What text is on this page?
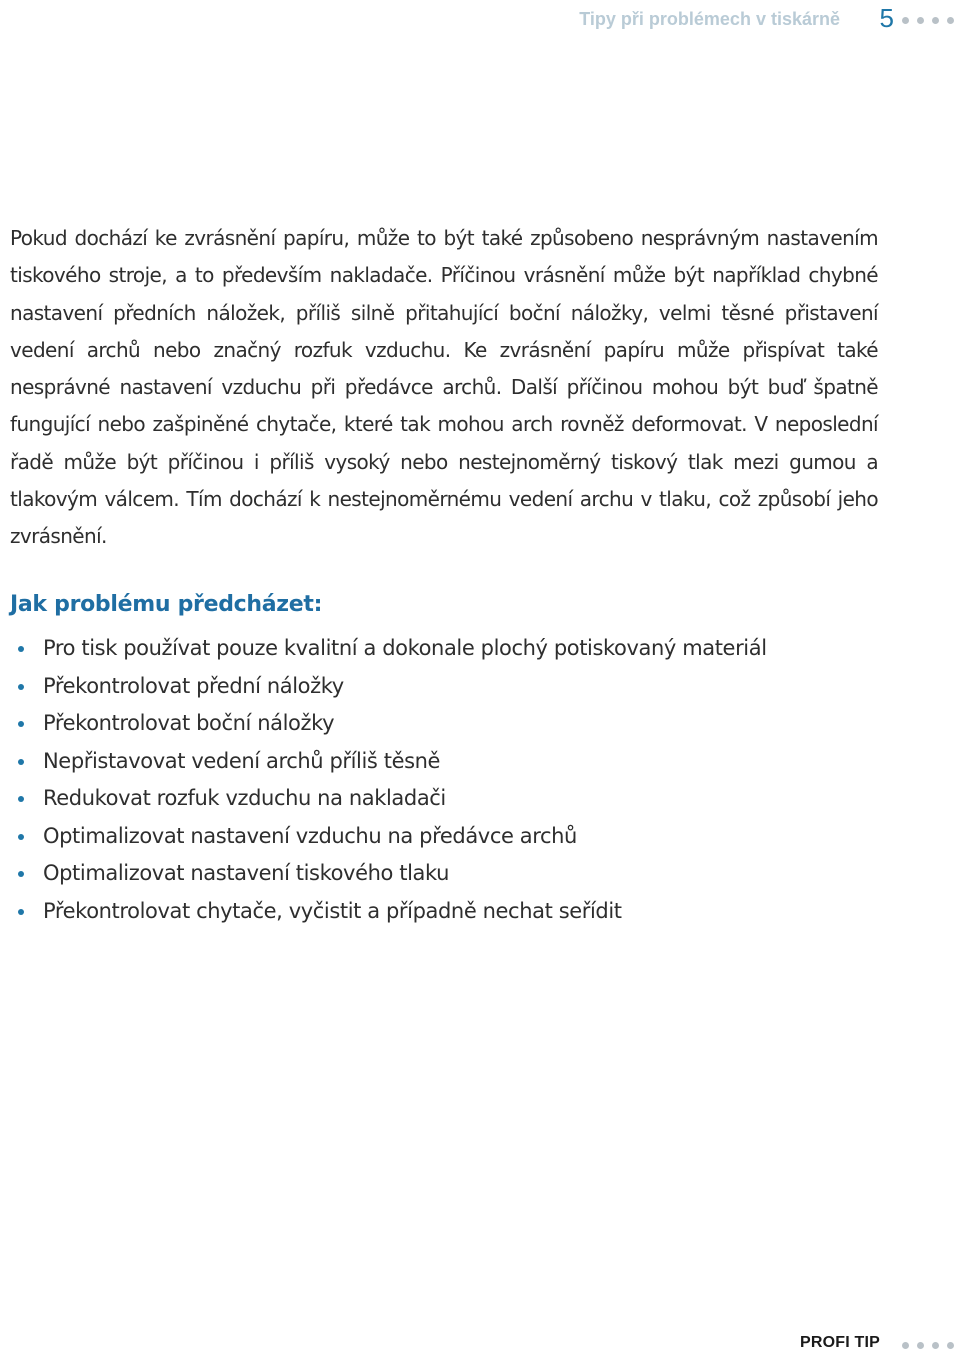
Tipy při problémech v tiskárně 5

Pokud dochází ke zvrásnění papíru, může to být také způsobeno nesprávným nastavením tiskového stroje, a to především nakladače. Příčinou vrásnění může být například chybné nastavení předních náložek, příliš silně přitahující boční náložky, velmi těsné přistavení vedení archů nebo značný rozfuk vzduchu. Ke zvrásnění papíru může přispívat také nesprávné nastavení vzduchu při předávce archů. Další příčinou mohou být buď špatně fungující nebo zašpiněné chytače, které tak mohou arch rovněž deformovat. V neposlední řadě může být příčinou i příliš vysoký nebo nestejnoměrný tiskový tlak mezi gumou a tlakovým válcem. Tím dochází k nestejnoměrnému vedení archu v tlaku, což způsobí jeho zvrásnění.

Jak problému předcházet:
Pro tisk používat pouze kvalitní a dokonale plochý potiskovaný materiál
Překontrolovat přední náložky
Překontrolovat boční náložky
Nepřistavovat vedení archů příliš těsně
Redukovat rozfuk vzduchu na nakladači
Optimalizovat nastavení vzduchu na předávce archů
Optimalizovat nastavení tiskového tlaku
Překontrolovat chytače, vyčistit a případně nechat seřídit
PROFI TIP
